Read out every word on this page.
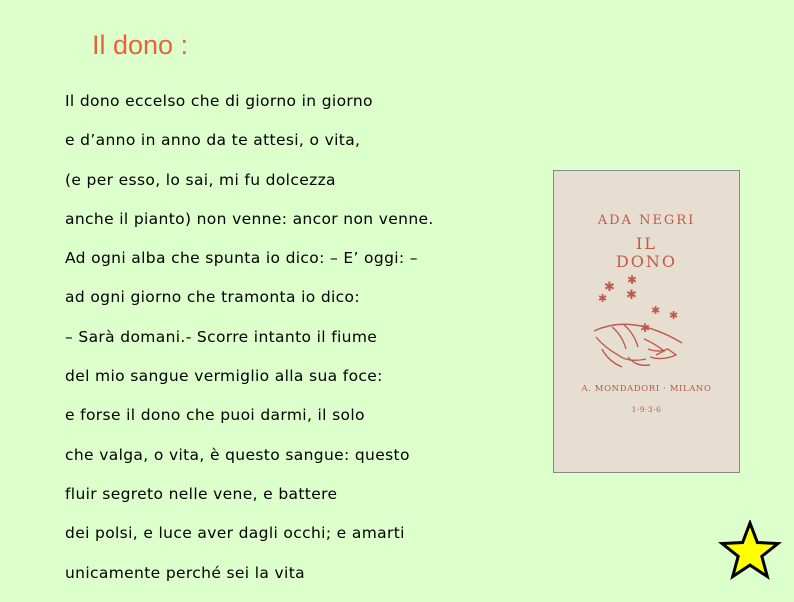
Il dono :
Il dono eccelso che di giorno in giorno
e d’anno in anno da te attesi, o vita,
(e per esso, lo sai, mi fu dolcezza
anche il pianto) non venne: ancor non venne.
Ad ogni alba che spunta io dico: – E’ oggi: –
ad ogni giorno che tramonta io dico:
– Sarà domani.- Scorre intanto il fiume
del mio sangue vermiglio alla sua foce:
e forse il dono che puoi darmi, il solo
che valga, o vita, è questo sangue: questo
fluir segreto nelle vene, e battere
dei polsi, e luce aver dagli occhi; e amarti
unicamente perché sei la vita
ADA NEGRI
IL
DONO
✱ ✱
✱ ✱
✱ ✱
✱
A. MONDADORI · MILANO
1·9·3·6
